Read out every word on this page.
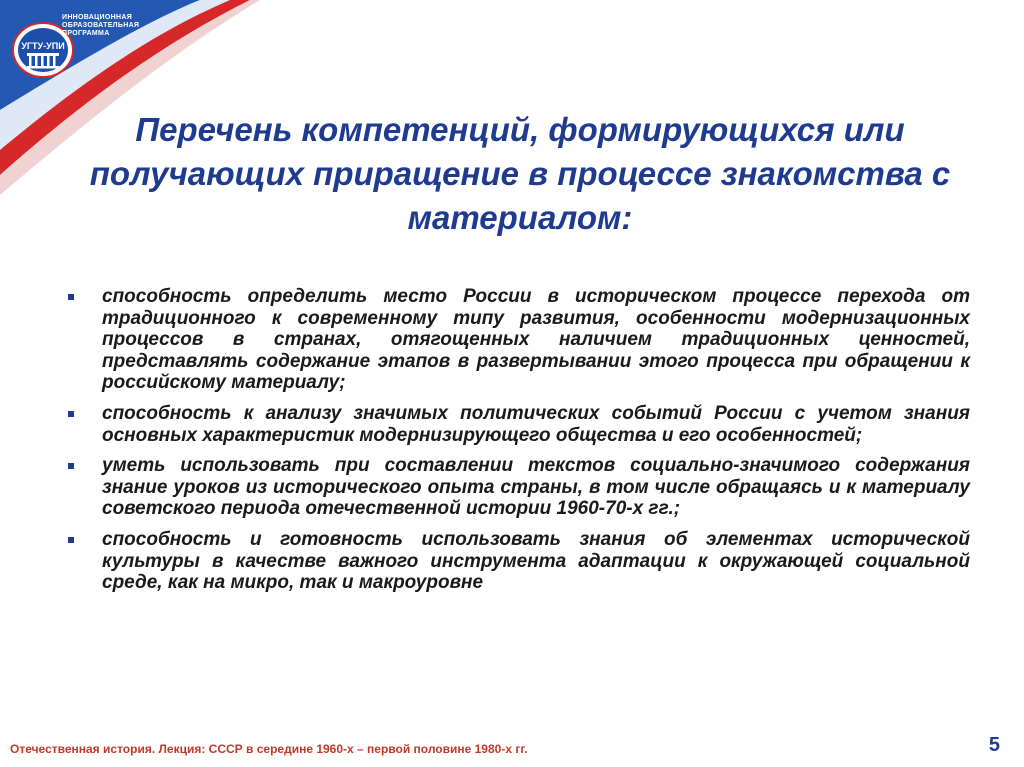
УГТУ-УПИ
ИННОВАЦИОННАЯ
ОБРАЗОВАТЕЛЬНАЯ
ПРОГРАММА
Перечень компетенций, формирующихся или получающих приращение в процессе знакомства с материалом:
способность определить место России в историческом процессе перехода от традиционного к современному типу развития, особенности модернизационных процессов в странах, отягощенных наличием традиционных ценностей, представлять содержание этапов в развертывании этого процесса при обращении к российскому материалу;
способность к анализу значимых политических событий России с учетом знания основных характеристик модернизирующего общества и его особенностей;
уметь использовать при составлении текстов социально-значимого содержания знание уроков из исторического опыта страны, в том числе обращаясь и к материалу советского периода отечественной истории 1960-70-х гг.;
способность и готовность использовать знания об элементах исторической культуры в качестве важного инструмента адаптации к окружающей социальной среде, как на микро, так и макроуровне
Отечественная история. Лекция: СССР в середине 1960-х – первой половине 1980-х гг.	5
